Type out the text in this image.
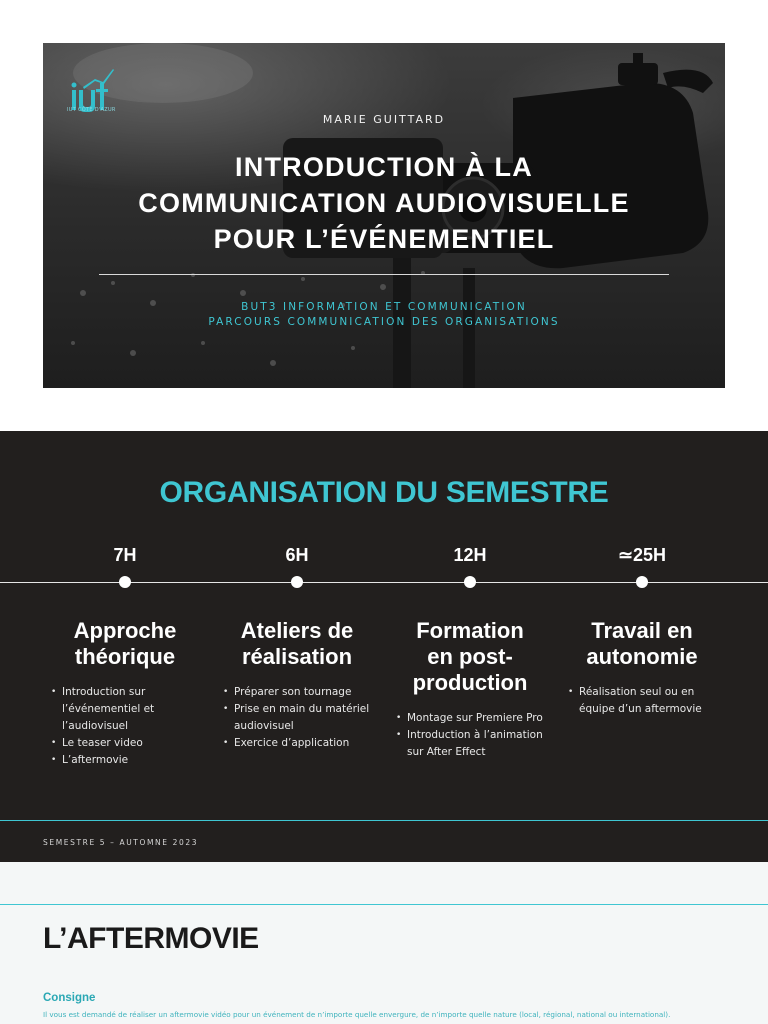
IUT CÔTE D'AZUR
MARIE GUITTARD
INTRODUCTION À LA
COMMUNICATION AUDIOVISUELLE
POUR L’ÉVÉNEMENTIEL
BUT3 INFORMATION ET COMMUNICATION
PARCOURS COMMUNICATION DES ORGANISATIONS
ORGANISATION DU SEMESTRE
7H
Approche
théorique
• Introduction sur l’événementiel et l’audiovisuel
• Le teaser video
• L’aftermovie
6H
Ateliers de
réalisation
• Préparer son tournage
• Prise en main du matériel audiovisuel
• Exercice d’application
12H
Formation
en post-
production
• Montage sur Premiere Pro
• Introduction à l’animation sur After Effect
≃25H
Travail en
autonomie
• Réalisation seul ou en équipe d’un aftermovie
SEMESTRE 5 – AUTOMNE 2023
L’AFTERMOVIE
Consigne
Il vous est demandé de réaliser un aftermovie vidéo pour un événement de n’importe quelle envergure, de n’importe quelle nature (local, régional, national ou international).
